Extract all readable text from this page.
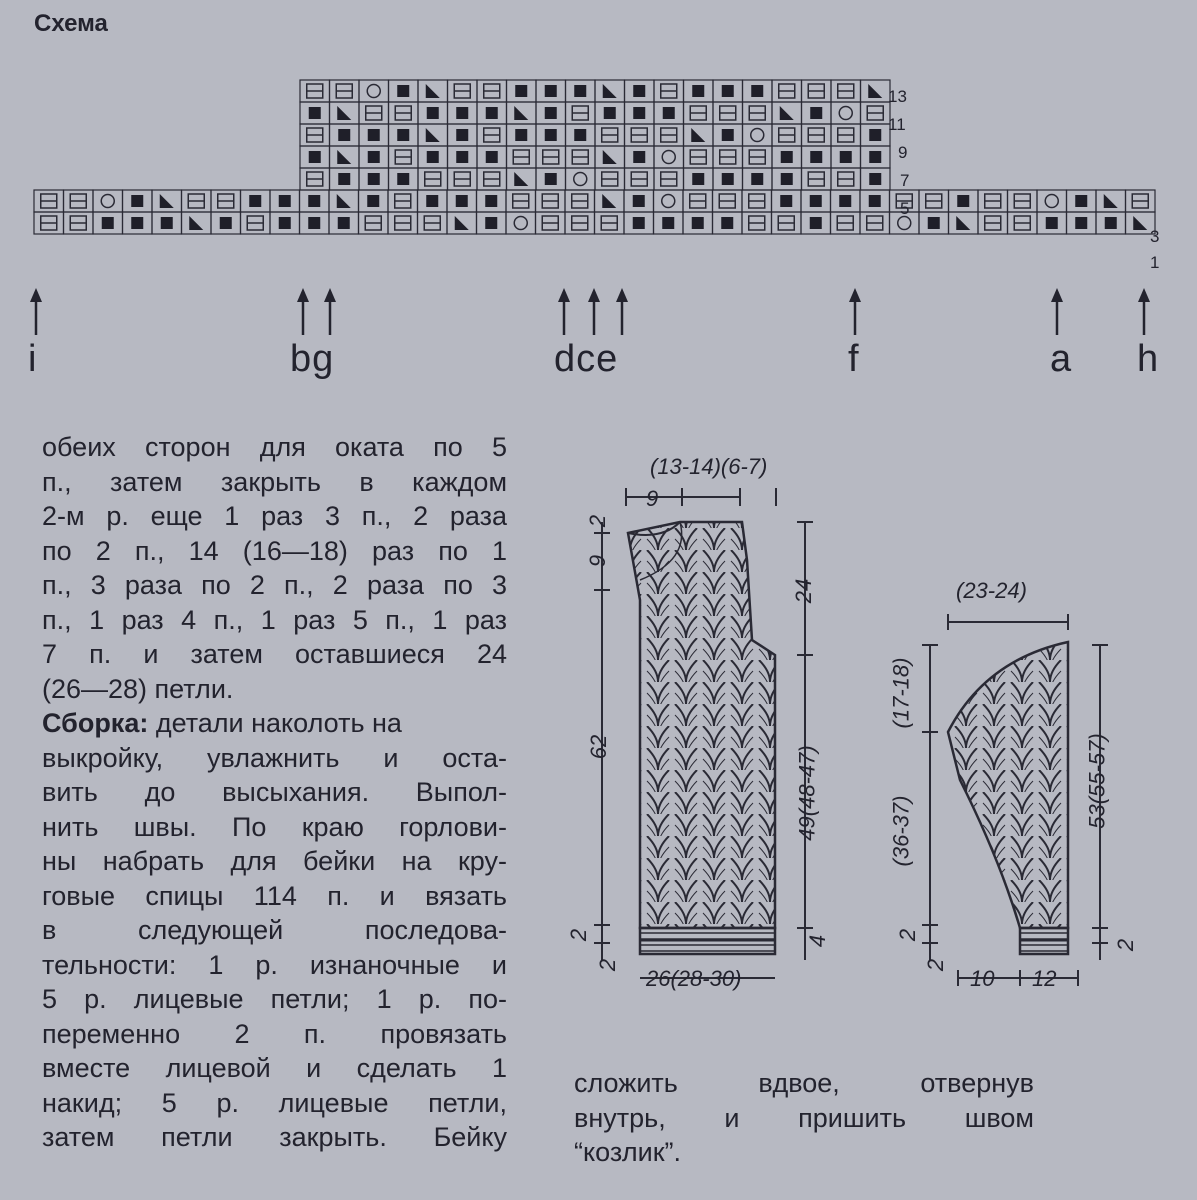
Схема
13
11
9
7
5
3
1
i	bg	dce	f	a h
обеих сторон для оката по 5
п., затем закрыть в каждом
2-м р. еще 1 раз 3 п., 2 раза
по 2 п., 14 (16—18) раз по 1
п., 3 раза по 2 п., 2 раза по 3
п., 1 раз 4 п., 1 раз 5 п., 1 раз
7 п. и затем оставшиеся 24
(26—28) петли.
Сборка: детали наколоть на
выкройку, увлажнить и оста-
вить до высыхания. Выпол-
нить швы. По краю горлови-
ны набрать для бейки на кру-
говые спицы 114 п. и вязать
в следующей последова-
тельности: 1 р. изнаночные и
5 р. лицевые петли; 1 р. по-
переменно 2 п. провязать
вместе лицевой и сделать 1
накид; 5 р. лицевые петли,
затем петли закрыть. Бейку
сложить вдвое, отвернув
внутрь, и пришить швом
“козлик”.
(13-14)(6-7)
9
2
9
62
2
2
24
49(48-47)
4
26(28-30)
(23-24)
(17-18)
(36-37)
2
2
53(55-57)
2
10 12
